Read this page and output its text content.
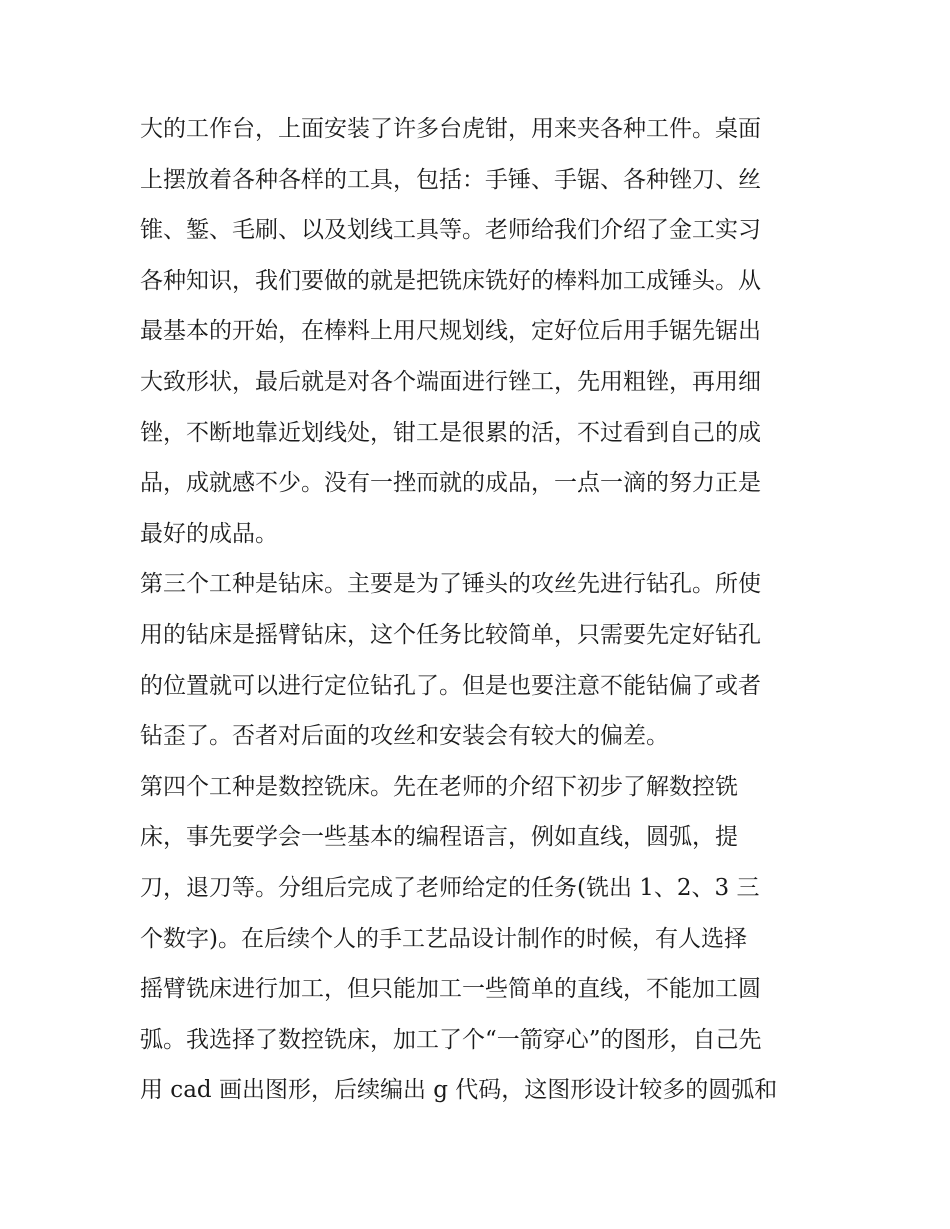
大的工作台，上面安装了许多台虎钳，用来夹各种工件。桌面
上摆放着各种各样的工具，包括：手锤、手锯、各种锉刀、丝
锥、錾、毛刷、以及划线工具等。老师给我们介绍了金工实习
各种知识，我们要做的就是把铣床铣好的棒料加工成锤头。从
最基本的开始，在棒料上用尺规划线，定好位后用手锯先锯出
大致形状，最后就是对各个端面进行锉工，先用粗锉，再用细
锉，不断地靠近划线处，钳工是很累的活，不过看到自己的成
品，成就感不少。没有一挫而就的成品，一点一滴的努力正是
最好的成品。
第三个工种是钻床。主要是为了锤头的攻丝先进行钻孔。所使
用的钻床是摇臂钻床，这个任务比较简单，只需要先定好钻孔
的位置就可以进行定位钻孔了。但是也要注意不能钻偏了或者
钻歪了。否者对后面的攻丝和安装会有较大的偏差。
第四个工种是数控铣床。先在老师的介绍下初步了解数控铣
床，事先要学会一些基本的编程语言，例如直线，圆弧，提
刀，退刀等。分组后完成了老师给定的任务(铣出 1、2、3 三
个数字)。在后续个人的手工艺品设计制作的时候，有人选择
摇臂铣床进行加工，但只能加工一些简单的直线，不能加工圆
弧。我选择了数控铣床，加工了个“一箭穿心”的图形，自己先
用 cad 画出图形，后续编出 g 代码，这图形设计较多的圆弧和
